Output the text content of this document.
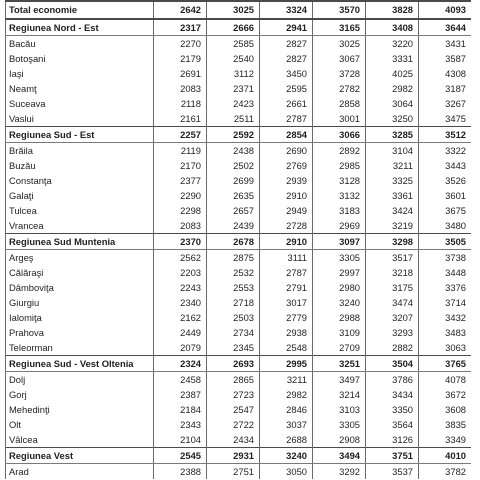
Total economie	2642	3025	3324	3570	3828	4093
Regiunea Nord - Est	2317	2666	2941	3165	3408	3644
Bacău	2270	2585	2827	3025	3220	3431
Botoşani	2179	2540	2827	3067	3331	3587
Iaşi	2691	3112	3450	3728	4025	4308
Neamţ	2083	2371	2595	2782	2982	3187
Suceava	2118	2423	2661	2858	3064	3267
Vaslui	2161	2511	2787	3001	3250	3475
Regiunea Sud - Est	2257	2592	2854	3066	3285	3512
Brăila	2119	2438	2690	2892	3104	3322
Buzău	2170	2502	2769	2985	3211	3443
Constanţa	2377	2699	2939	3128	3325	3526
Galaţi	2290	2635	2910	3132	3361	3601
Tulcea	2298	2657	2949	3183	3424	3675
Vrancea	2083	2439	2728	2969	3219	3480
Regiunea Sud Muntenia	2370	2678	2910	3097	3298	3505
Argeş	2562	2875	3111	3305	3517	3738
Călăraşi	2203	2532	2787	2997	3218	3448
Dâmboviţa	2243	2553	2791	2980	3175	3376
Giurgiu	2340	2718	3017	3240	3474	3714
Ialomiţa	2162	2503	2779	2988	3207	3432
Prahova	2449	2734	2938	3109	3293	3483
Teleorman	2079	2345	2548	2709	2882	3063
Regiunea Sud - Vest Oltenia	2324	2693	2995	3251	3504	3765
Dolj	2458	2865	3211	3497	3786	4078
Gorj	2387	2723	2982	3214	3434	3672
Mehedinţi	2184	2547	2846	3103	3350	3608
Olt	2343	2722	3037	3305	3564	3835
Vâlcea	2104	2434	2688	2908	3126	3349
Regiunea Vest	2545	2931	3240	3494	3751	4010
Arad	2388	2751	3050	3292	3537	3782
